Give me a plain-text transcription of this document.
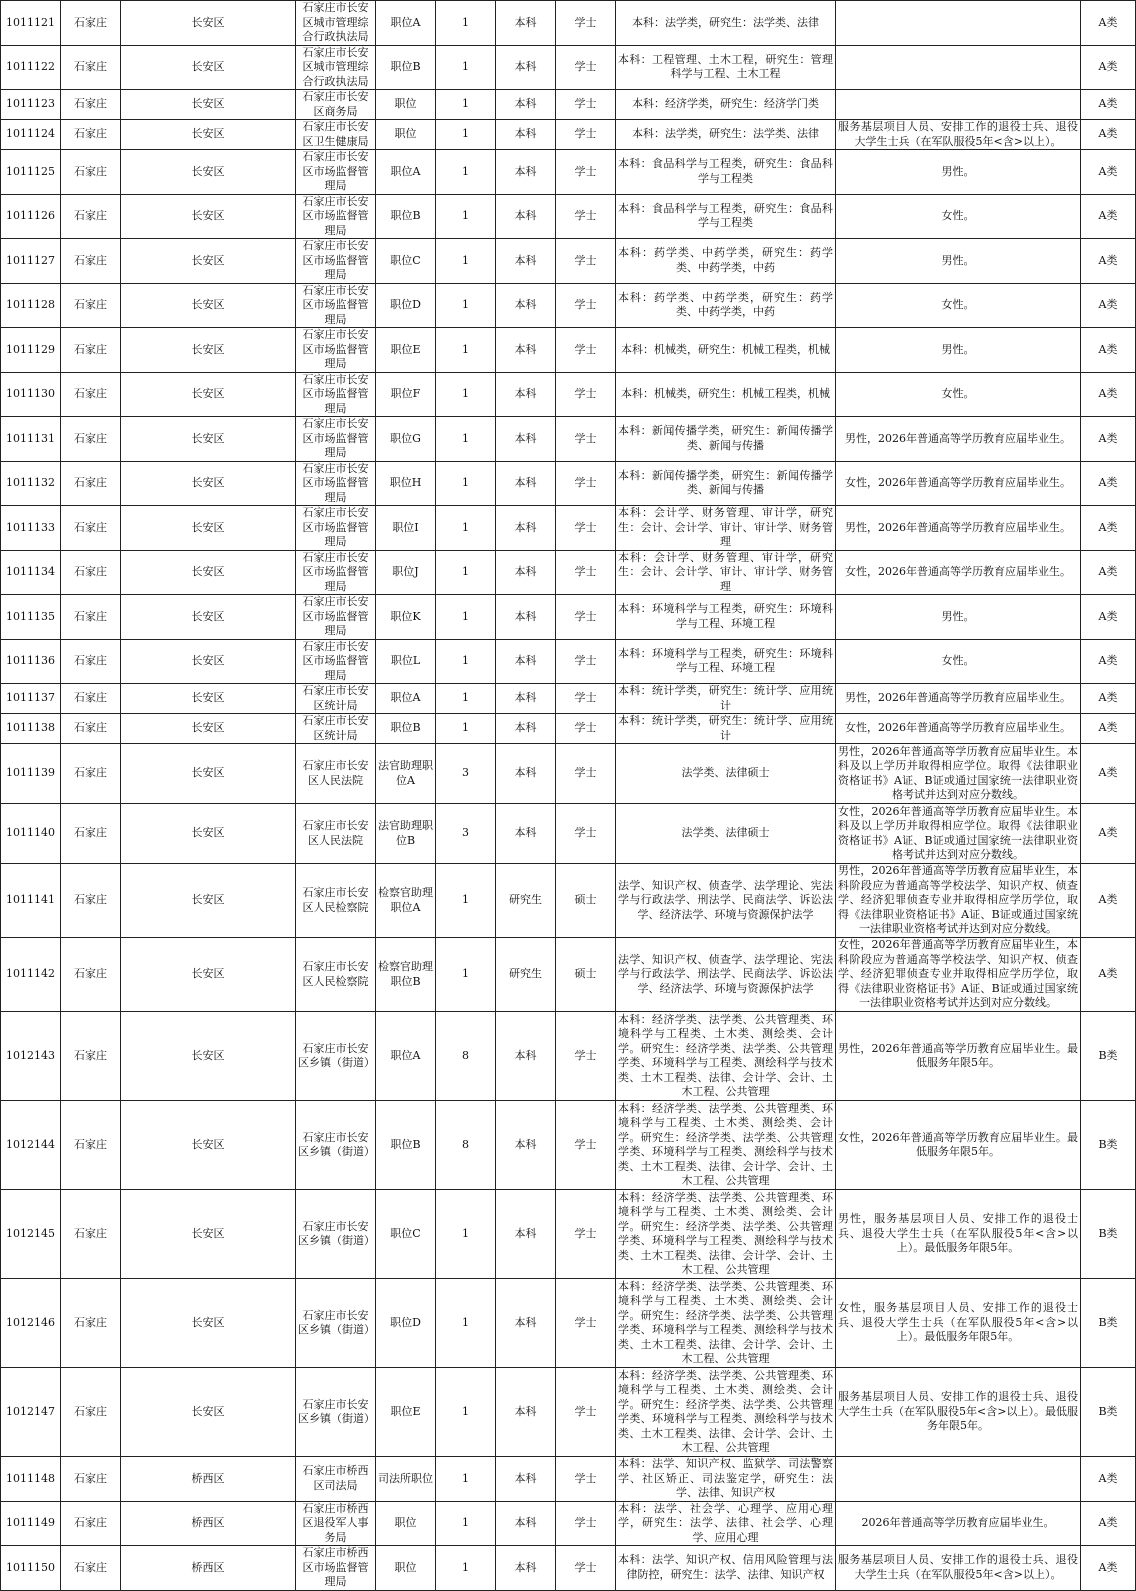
1011121	石家庄	长安区	石家庄市长安区城市管理综合行政执法局	职位A	1	本科	学士	本科：法学类，研究生：法学类、法律		A类
1011122	石家庄	长安区	石家庄市长安区城市管理综合行政执法局	职位B	1	本科	学士	本科：工程管理、土木工程，研究生：管理科学与工程、土木工程		A类
1011123	石家庄	长安区	石家庄市长安区商务局	职位	1	本科	学士	本科：经济学类，研究生：经济学门类		A类
1011124	石家庄	长安区	石家庄市长安区卫生健康局	职位	1	本科	学士	本科：法学类，研究生：法学类、法律	服务基层项目人员、安排工作的退役士兵、退役大学生士兵（在军队服役5年<含>以上）。	A类
1011125	石家庄	长安区	石家庄市长安区市场监督管理局	职位A	1	本科	学士	本科：食品科学与工程类，研究生：食品科学与工程类	男性。	A类
1011126	石家庄	长安区	石家庄市长安区市场监督管理局	职位B	1	本科	学士	本科：食品科学与工程类，研究生：食品科学与工程类	女性。	A类
1011127	石家庄	长安区	石家庄市长安区市场监督管理局	职位C	1	本科	学士	本科：药学类、中药学类，研究生：药学类、中药学类，中药	男性。	A类
1011128	石家庄	长安区	石家庄市长安区市场监督管理局	职位D	1	本科	学士	本科：药学类、中药学类，研究生：药学类、中药学类，中药	女性。	A类
1011129	石家庄	长安区	石家庄市长安区市场监督管理局	职位E	1	本科	学士	本科：机械类，研究生：机械工程类，机械	男性。	A类
1011130	石家庄	长安区	石家庄市长安区市场监督管理局	职位F	1	本科	学士	本科：机械类，研究生：机械工程类，机械	女性。	A类
1011131	石家庄	长安区	石家庄市长安区市场监督管理局	职位G	1	本科	学士	本科：新闻传播学类，研究生：新闻传播学类、新闻与传播	男性，2026年普通高等学历教育应届毕业生。	A类
1011132	石家庄	长安区	石家庄市长安区市场监督管理局	职位H	1	本科	学士	本科：新闻传播学类，研究生：新闻传播学类、新闻与传播	女性，2026年普通高等学历教育应届毕业生。	A类
1011133	石家庄	长安区	石家庄市长安区市场监督管理局	职位I	1	本科	学士	本科：会计学、财务管理、审计学，研究生：会计、会计学、审计、审计学、财务管理	男性，2026年普通高等学历教育应届毕业生。	A类
1011134	石家庄	长安区	石家庄市长安区市场监督管理局	职位J	1	本科	学士	本科：会计学、财务管理、审计学，研究生：会计、会计学、审计、审计学、财务管理	女性，2026年普通高等学历教育应届毕业生。	A类
1011135	石家庄	长安区	石家庄市长安区市场监督管理局	职位K	1	本科	学士	本科：环境科学与工程类，研究生：环境科学与工程、环境工程	男性。	A类
1011136	石家庄	长安区	石家庄市长安区市场监督管理局	职位L	1	本科	学士	本科：环境科学与工程类，研究生：环境科学与工程、环境工程	女性。	A类
1011137	石家庄	长安区	石家庄市长安区统计局	职位A	1	本科	学士	本科：统计学类，研究生：统计学、应用统计	男性，2026年普通高等学历教育应届毕业生。	A类
1011138	石家庄	长安区	石家庄市长安区统计局	职位B	1	本科	学士	本科：统计学类，研究生：统计学、应用统计	女性，2026年普通高等学历教育应届毕业生。	A类
1011139	石家庄	长安区	石家庄市长安区人民法院	法官助理职位A	3	本科	学士	法学类、法律硕士	男性，2026年普通高等学历教育应届毕业生。本科及以上学历并取得相应学位。取得《法律职业资格证书》A证、B证或通过国家统一法律职业资格考试并达到对应分数线。	A类
1011140	石家庄	长安区	石家庄市长安区人民法院	法官助理职位B	3	本科	学士	法学类、法律硕士	女性，2026年普通高等学历教育应届毕业生。本科及以上学历并取得相应学位。取得《法律职业资格证书》A证、B证或通过国家统一法律职业资格考试并达到对应分数线。	A类
1011141	石家庄	长安区	石家庄市长安区人民检察院	检察官助理职位A	1	研究生	硕士	法学、知识产权、侦查学、法学理论、宪法学与行政法学、刑法学、民商法学、诉讼法学、经济法学、环境与资源保护法学	男性，2026年普通高等学历教育应届毕业生，本科阶段应为普通高等学校法学、知识产权、侦查学、经济犯罪侦查专业并取得相应学历学位，取得《法律职业资格证书》A证、B证或通过国家统一法律职业资格考试并达到对应分数线。	A类
1011142	石家庄	长安区	石家庄市长安区人民检察院	检察官助理职位B	1	研究生	硕士	法学、知识产权、侦查学、法学理论、宪法学与行政法学、刑法学、民商法学、诉讼法学、经济法学、环境与资源保护法学	女性，2026年普通高等学历教育应届毕业生，本科阶段应为普通高等学校法学、知识产权、侦查学、经济犯罪侦查专业并取得相应学历学位，取得《法律职业资格证书》A证、B证或通过国家统一法律职业资格考试并达到对应分数线。	A类
1012143	石家庄	长安区	石家庄市长安区乡镇（街道）	职位A	8	本科	学士	本科：经济学类、法学类、公共管理类、环境科学与工程类、土木类、测绘类、会计学。研究生：经济学类、法学类、公共管理学类、环境科学与工程类、测绘科学与技术类、土木工程类、法律、会计学、会计、土木工程、公共管理	男性，2026年普通高等学历教育应届毕业生。最低服务年限5年。	B类
1012144	石家庄	长安区	石家庄市长安区乡镇（街道）	职位B	8	本科	学士	本科：经济学类、法学类、公共管理类、环境科学与工程类、土木类、测绘类、会计学。研究生：经济学类、法学类、公共管理学类、环境科学与工程类、测绘科学与技术类、土木工程类、法律、会计学、会计、土木工程、公共管理	女性，2026年普通高等学历教育应届毕业生。最低服务年限5年。	B类
1012145	石家庄	长安区	石家庄市长安区乡镇（街道）	职位C	1	本科	学士	本科：经济学类、法学类、公共管理类、环境科学与工程类、土木类、测绘类、会计学。研究生：经济学类、法学类、公共管理学类、环境科学与工程类、测绘科学与技术类、土木工程类、法律、会计学、会计、土木工程、公共管理	男性，服务基层项目人员、安排工作的退役士兵、退役大学生士兵（在军队服役5年<含>以上）。最低服务年限5年。	B类
1012146	石家庄	长安区	石家庄市长安区乡镇（街道）	职位D	1	本科	学士	本科：经济学类、法学类、公共管理类、环境科学与工程类、土木类、测绘类、会计学。研究生：经济学类、法学类、公共管理学类、环境科学与工程类、测绘科学与技术类、土木工程类、法律、会计学、会计、土木工程、公共管理	女性，服务基层项目人员、安排工作的退役士兵、退役大学生士兵（在军队服役5年<含>以上）。最低服务年限5年。	B类
1012147	石家庄	长安区	石家庄市长安区乡镇（街道）	职位E	1	本科	学士	本科：经济学类、法学类、公共管理类、环境科学与工程类、土木类、测绘类、会计学。研究生：经济学类、法学类、公共管理学类、环境科学与工程类、测绘科学与技术类、土木工程类、法律、会计学、会计、土木工程、公共管理	服务基层项目人员、安排工作的退役士兵、退役大学生士兵（在军队服役5年<含>以上）。最低服务年限5年。	B类
1011148	石家庄	桥西区	石家庄市桥西区司法局	司法所职位	1	本科	学士	本科：法学、知识产权、监狱学、司法警察学、社区矫正、司法鉴定学，研究生：法学、法律、知识产权		A类
1011149	石家庄	桥西区	石家庄市桥西区退役军人事务局	职位	1	本科	学士	本科：法学、社会学、心理学、应用心理学，研究生：法学、法律、社会学、心理学、应用心理	2026年普通高等学历教育应届毕业生。	A类
1011150	石家庄	桥西区	石家庄市桥西区市场监督管理局	职位	1	本科	学士	本科：法学、知识产权、信用风险管理与法律防控，研究生：法学、法律、知识产权	服务基层项目人员、安排工作的退役士兵、退役大学生士兵（在军队服役5年<含>以上）。	A类
